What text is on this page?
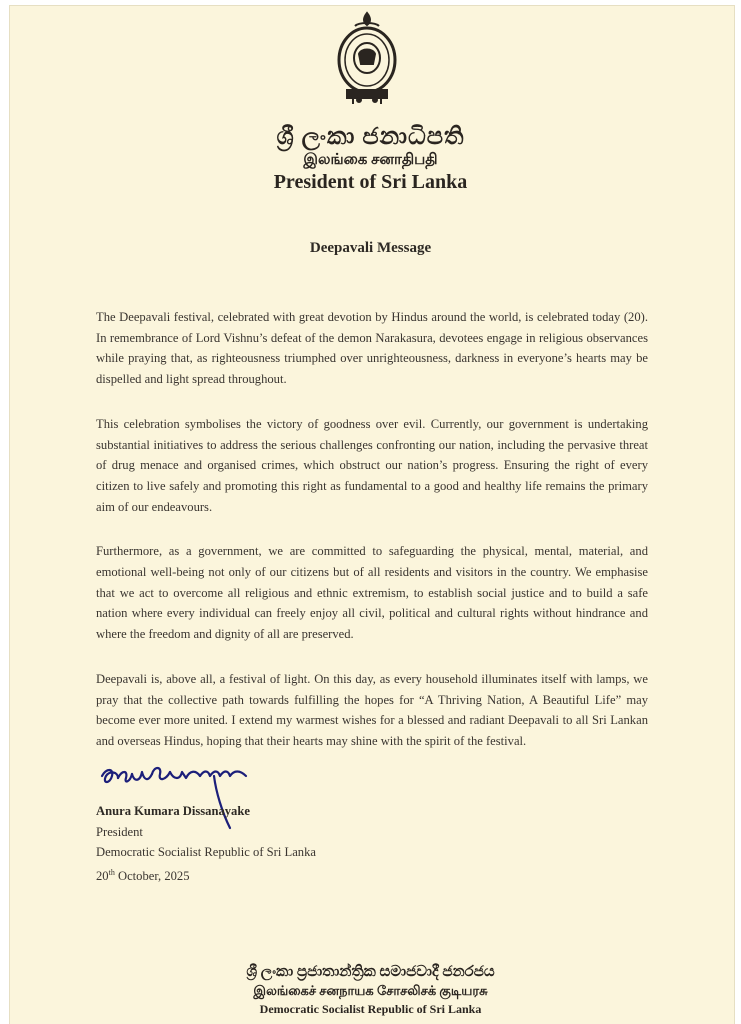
ශ්‍රී ලංකා ජනාධිපති
இலங்கை சனாதிபதி
President of Sri Lanka
Deepavali Message

The Deepavali festival, celebrated with great devotion by Hindus around the world, is celebrated today (20). In remembrance of Lord Vishnu’s defeat of the demon Narakasura, devotees engage in religious observances while praying that, as righteousness triumphed over unrighteousness, darkness in everyone’s hearts may be dispelled and light spread throughout.

This celebration symbolises the victory of goodness over evil. Currently, our government is undertaking substantial initiatives to address the serious challenges confronting our nation, including the pervasive threat of drug menace and organised crimes, which obstruct our nation’s progress. Ensuring the right of every citizen to live safely and promoting this right as fundamental to a good and healthy life remains the primary aim of our endeavours.

Furthermore, as a government, we are committed to safeguarding the physical, mental, material, and emotional well-being not only of our citizens but of all residents and visitors in the country. We emphasise that we act to overcome all religious and ethnic extremism, to establish social justice and to build a safe nation where every individual can freely enjoy all civil, political and cultural rights without hindrance and where the freedom and dignity of all are preserved.

Deepavali is, above all, a festival of light. On this day, as every household illuminates itself with lamps, we pray that the collective path towards fulfilling the hopes for “A Thriving Nation, A Beautiful Life” may become ever more united. I extend my warmest wishes for a blessed and radiant Deepavali to all Sri Lankan and overseas Hindus, hoping that their hearts may shine with the spirit of the festival.

Anura Kumara Dissanayake
President
Democratic Socialist Republic of Sri Lanka
20th October, 2025
ශ්‍රී ලංකා ප්‍රජාතාන්ත්‍රික සමාජවාදී ජනරජය
இலங்கைச் சனநாயக சோசலிசக் குடியரசு
Democratic Socialist Republic of Sri Lanka
